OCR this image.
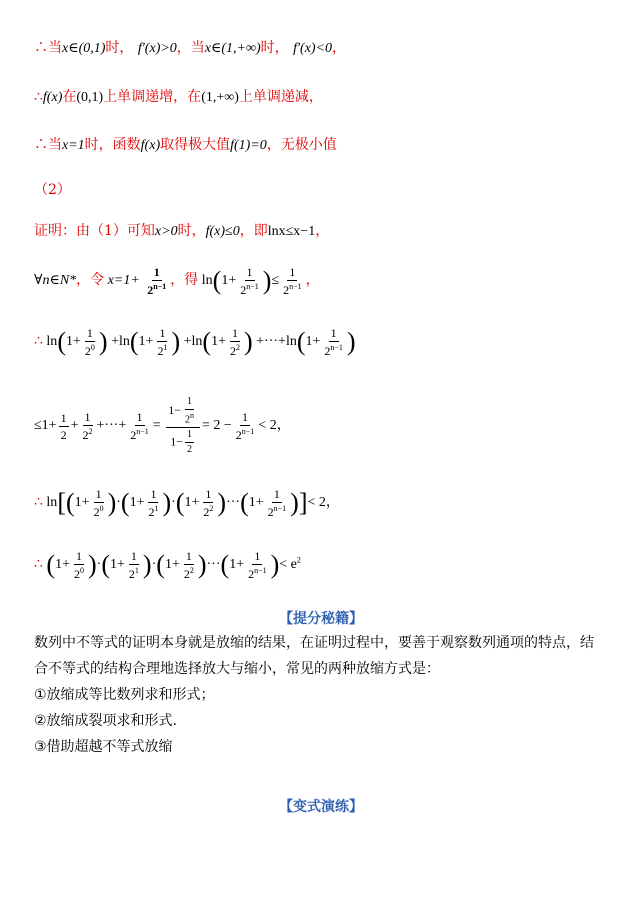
∴当x∈(0,1)时， f′(x)>0，当x∈(1,+∞)时， f′(x)<0，
∴f(x)在(0,1)上单调递增，在(1,+∞)上单调递减，
∴当x=1时，函数f(x)取得极大值f(1)=0，无极小值
（2）
证明：由（1）可知x>0时，f(x)≤0，即lnx≤x−1，
∀n∈N*，令 $x=1+ \frac{1}{2^{n-1}}$ ，得 $\ln(1+ \frac{1}{2^{n-1}}$ )≤ $\frac{1}{2^{n-1}}$ ，
∴ $\ln(1+ \frac{1}{2^0}$ ) $+\ln(1+ \frac{1}{2^1}$ ) $+\ln(1+ \frac{1}{2^2}$ ) $+\cdot\cdot\cdot+\ln(1+ \frac{1}{2^{n-1}}$ )
$\le 1+ \frac{1}{2} + \frac{1}{2^2}$ +···+ $\frac{1}{2^{n-1}} = \frac{1- \frac{1}{2^n}}{1- \frac{1}{2}} = 2 - \frac{1}{2^{n-1}} < 2$，
∴ $\ln[(1+ \frac{1}{2^0} )\cdot(1+ \frac{1}{2^1} )\cdot(1+ \frac{1}{2^2} )\cdot\cdot\cdot(1+ \frac{1}{2^{n-1}}$ )]< 2，
∴ $(1+ \frac{1}{2^0} )\cdot(1+ \frac{1}{2^1} )\cdot(1+ \frac{1}{2^2} )\cdot\cdot\cdot(1+ \frac{1}{2^{n-1}}$ )< $e^2$
【提分秘籍】
数列中不等式的证明本身就是放缩的结果，在证明过程中，要善于观察数列通项的特点，结
合不等式的结构合理地选择放大与缩小，常见的两种放缩方式是：
①放缩成等比数列求和形式；
②放缩成裂项求和形式.
③借助超越不等式放缩
【变式演练】
